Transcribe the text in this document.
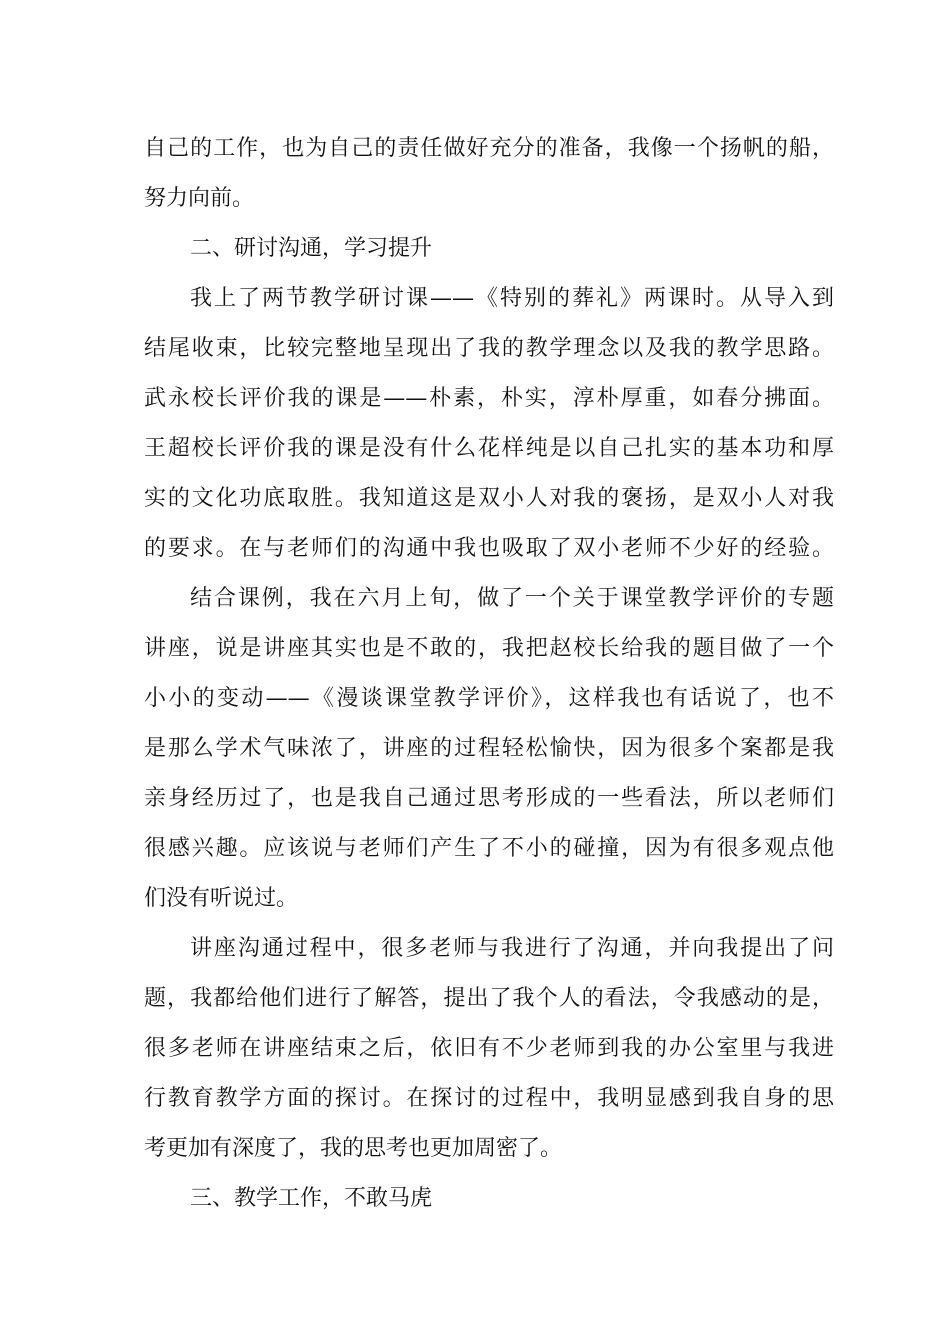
自己的工作，也为自己的责任做好充分的准备，我像一个扬帆的船，
努力向前。
二、研讨沟通，学习提升
我上了两节教学研讨课——《特别的葬礼》两课时。从导入到
结尾收束，比较完整地呈现出了我的教学理念以及我的教学思路。
武永校长评价我的课是——朴素，朴实，淳朴厚重，如春分拂面。
王超校长评价我的课是没有什么花样纯是以自己扎实的基本功和厚
实的文化功底取胜。我知道这是双小人对我的褒扬，是双小人对我
的要求。在与老师们的沟通中我也吸取了双小老师不少好的经验。
结合课例，我在六月上旬，做了一个关于课堂教学评价的专题
讲座，说是讲座其实也是不敢的，我把赵校长给我的题目做了一个
小小的变动——《漫谈课堂教学评价》，这样我也有话说了，也不
是那么学术气味浓了，讲座的过程轻松愉快，因为很多个案都是我
亲身经历过了，也是我自己通过思考形成的一些看法，所以老师们
很感兴趣。应该说与老师们产生了不小的碰撞，因为有很多观点他
们没有听说过。
讲座沟通过程中，很多老师与我进行了沟通，并向我提出了问
题，我都给他们进行了解答，提出了我个人的看法，令我感动的是，
很多老师在讲座结束之后，依旧有不少老师到我的办公室里与我进
行教育教学方面的探讨。在探讨的过程中，我明显感到我自身的思
考更加有深度了，我的思考也更加周密了。
三、教学工作，不敢马虎
